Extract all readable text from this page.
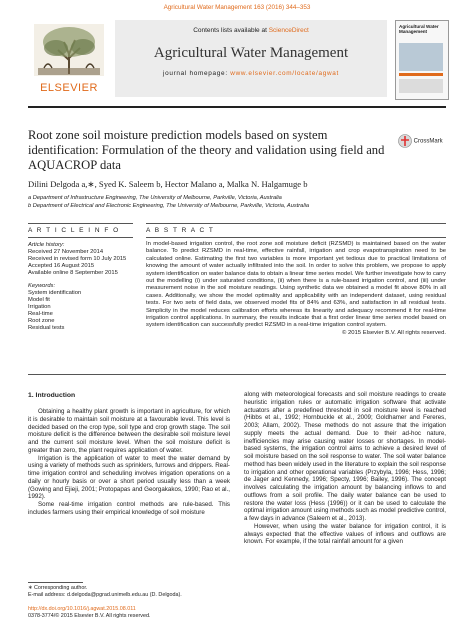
Agricultural Water Management 163 (2016) 344–353
ELSEVIER
Contents lists available at ScienceDirect
Agricultural Water Management
journal homepage: www.elsevier.com/locate/agwat
Agricultural Water Management
Root zone soil moisture prediction models based on system identification: Formulation of the theory and validation using field and AQUACROP data
CrossMark
Dilini Delgoda a,∗, Syed K. Saleem b, Hector Malano a, Malka N. Halgamuge b
a Department of Infrastructure Engineering, The University of Melbourne, Parkville, Victoria, Australia
b Department of Electrical and Electronic Engineering, The University of Melbourne, Parkville, Victoria, Australia
A R T I C L E I N F O	A B S T R A C T
Article history:
Received 27 November 2014
Received in revised form 10 July 2015
Accepted 16 August 2015
Available online 8 September 2015
Keywords:
System identification
Model fit
Irrigation
Real-time
Root zone
Residual tests
In model-based irrigation control, the root zone soil moisture deficit (RZSMD) is maintained based on the water balance. To predict RZSMD in real-time, effective rainfall, irrigation and crop evapotranspiration need to be calculated online. Estimating the first two variables is more important yet tedious due to practical limitations of knowing the amount of water actually infiltrated into the soil. In order to solve this problem, we propose to apply system identification on water balance data to obtain a linear time series model. We further investigate how to carry out the modelling (i) under saturated conditions, (ii) when there is a rule-based irrigation control, and (iii) under measurement noise in the soil moisture readings. Using synthetic data we obtained a model fit above 80% in all cases. Additionally, we show the model optimality and applicability with an independent dataset, using residual tests. For two sets of field data, we observed model fits of 84% and 63%, and satisfaction in all residual tests. Simplicity in the model reduces calibration efforts whereas its linearity and adequacy recommend it for real-time irrigation control applications. In summary, the results indicate that a first order linear time series model based on system identification can successfully predict RZSMD in a real-time irrigation control system.
© 2015 Elsevier B.V. All rights reserved.
1. Introduction

Obtaining a healthy plant growth is important in agriculture, for which it is desirable to maintain soil moisture at a favourable level. This level is decided based on the crop type, soil type and crop growth stage. The soil moisture deficit is the difference between the desirable soil moisture level and the current soil moisture level. When the soil moisture deficit is greater than zero, the plant requires application of water.

Irrigation is the application of water to meet the water demand by using a variety of methods such as sprinklers, furrows and drippers. Real-time irrigation control and scheduling involves irrigation operations on a daily or hourly basis or over a short period usually less than a week (Gowing and Ejieji, 2001; Protopapas and Georgakakos, 1990; Rao et al., 1992).

Some real-time irrigation control methods are rule-based. This includes farmers using their empirical knowledge of soil moisture

along with meteorological forecasts and soil moisture readings to create heuristic irrigation rules or automatic irrigation software that activate actuators after a predefined threshold in soil moisture level is reached (Hibbs et al., 1992; Hornbuckle et al., 2009; Goldhamer and Fereres, 2003; Allam, 2002). These methods do not assure that the irrigation supply meets the actual demand. Due to their ad-hoc nature, inefficiencies may arise causing water losses or shortages. In model-based systems, the irrigation control aims to achieve a desired level of soil moisture based on the soil response to water. The soil water balance method has been widely used in the literature to explain the soil response to irrigation and other operational variables (Przybyla, 1996; Hess, 1996; de Jager and Kennedy, 1996; Specty, 1996; Bailey, 1996). The concept involves calculating the irrigation amount by balancing inflows to and outflows from a soil profile. The daily water balance can be used to restore the water loss (Hess (1996)) or it can be used to calculate the optimal irrigation amount using methods such as model predictive control, a few days in advance (Saleem et al., 2013).

However, when using the water balance for irrigation control, it is always expected that the effective values of inflows and outflows are known. For example, if the total rainfall amount for a given

∗ Corresponding author.
E-mail address: d.delgoda@pgrad.unimelb.edu.au (D. Delgoda).
http://dx.doi.org/10.1016/j.agwat.2015.08.011
0378-3774/© 2015 Elsevier B.V. All rights reserved.
